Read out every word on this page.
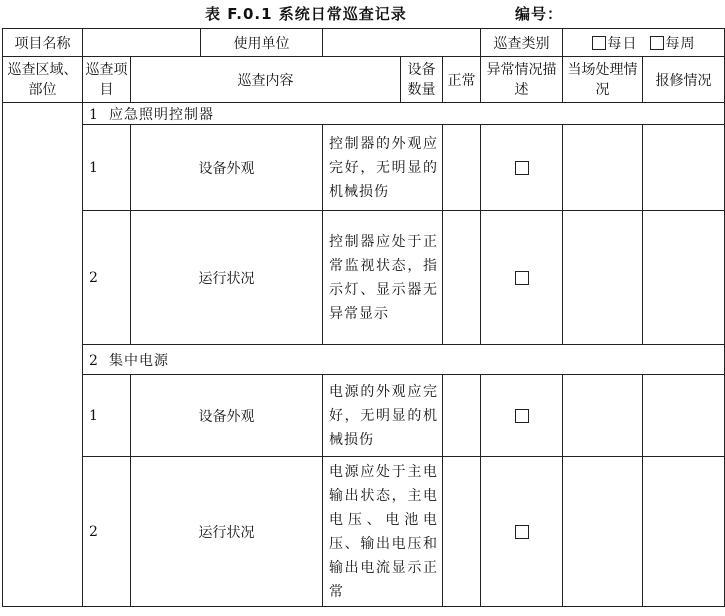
表 F.0.1 系统日常巡查记录	编号：
项目名称			使用单位				巡查类别	每日 每周		
巡查区域、部位	巡查项目	巡查内容			设备数量	正常	异常情况描述	当场处理情况	报修情况	
	1 应急照明控制器									
	1	设备外观		控制器的外观应完好，无明显的机械损伤						
	2	运行状况		控制器应处于正常监视状态，指示灯、显示器无异常显示						
	2 集中电源									
	1	设备外观		电源的外观应完好，无明显的机械损伤						
	2	运行状况		电源应处于主电输出状态，主电电压、电池电压、输出电压和输出电流显示正常						
